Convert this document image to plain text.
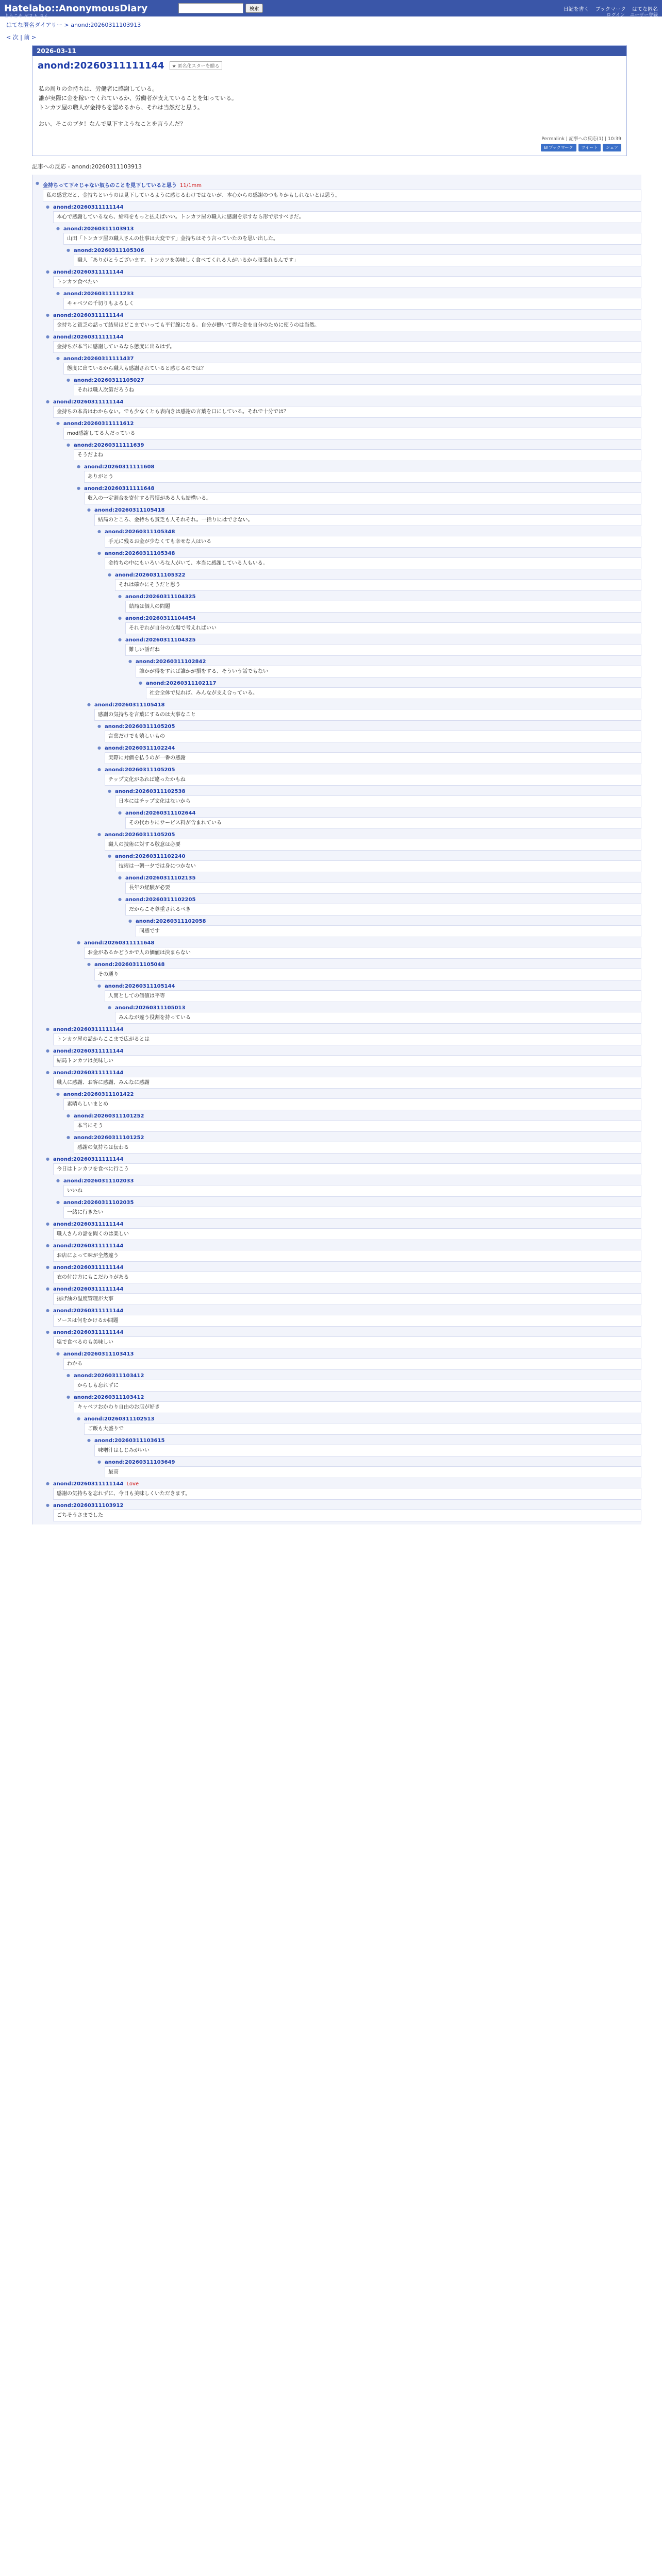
Hatelabo::AnonymousDiary
ようこそ ゲスト さん
検索	日記を書く ブックマーク はてな匿名
ログイン ユーザー登録
はてな匿名ダイアリー > anond:20260311103913
< 次 | 前 >
2026-03-11
anond:20260311111144	★ 匿名化スターを贈る
私の周りの金持ちは、労働者に感謝している。
誰が実際に金を稼いでくれているか、労働者が支えていることを知っている。
トンカツ屋の職人が金持ちを認めるから、それは当然だと思う。
おい、そこのブタ！なんで見下すようなことを言うんだ？
Permalink | 記事への反応(1) | 10:39
B!ブックマーク	ツイート	シェア
記事への反応 - anond:20260311103913
● 金持ちって下々じゃない奴らのことを見下していると思う 11/1mm
私の感覚だと、金持ちというのは見下しているように感じるわけではないが、本心からの感謝のつもりかもしれないとは思う。
● anond:20260311111144
本心で感謝しているなら、給料をもっと払えばいい。トンカツ屋の職人に感謝を示すなら形で示すべきだ。
● anond:20260311103913
山田「トンカツ屋の職人さんの仕事は大変です」金持ちはそう言っていたのを思い出した。
● anond:20260311105306
職人「ありがとうございます。トンカツを美味しく食べてくれる人がいるから頑張れるんです」
● anond:20260311111144
トンカツ食べたい
● anond:20260311111233
キャベツの千切りもよろしく
● anond:20260311111144
金持ちと貧乏の話って結局はどこまでいっても平行線になる。自分が働いて得た金を自分のために使うのは当然。
● anond:20260311111144
金持ちが本当に感謝しているなら態度に出るはず。
● anond:20260311111437
態度に出ているから職人も感謝されていると感じるのでは？
● anond:20260311105027
それは職人次第だろうね
● anond:20260311111144
金持ちの本音はわからない。でも少なくとも表向きは感謝の言葉を口にしている。それで十分では？
● anond:20260311111612
mod感謝してる人だっている
● anond:20260311111639
そうだよね
● anond:20260311111608
ありがとう
● anond:20260311111648
収入の一定割合を寄付する習慣がある人も結構いる。
● anond:20260311105418
結局のところ、金持ちも貧乏も人それぞれ。一括りにはできない。
● anond:20260311105348
手元に残るお金が少なくても幸せな人はいる
● anond:20260311105348
金持ちの中にもいろいろな人がいて、本当に感謝している人もいる。
● anond:20260311105322
それは確かにそうだと思う
● anond:20260311104325
結局は個人の問題
● anond:20260311104454
それぞれが自分の立場で考えればいい
● anond:20260311104325
難しい話だね
● anond:20260311102842
誰かが得をすれば誰かが損をする、そういう話でもない
● anond:20260311102117
社会全体で見れば、みんなが支え合っている。
● anond:20260311105418
感謝の気持ちを言葉にするのは大事なこと
● anond:20260311105205
言葉だけでも嬉しいもの
● anond:20260311102244
実際に対価を払うのが一番の感謝
● anond:20260311105205
チップ文化があれば違ったかもね
● anond:20260311102538
日本にはチップ文化はないから
● anond:20260311102644
その代わりにサービス料が含まれている
● anond:20260311105205
職人の技術に対する敬意は必要
● anond:20260311102240
技術は一朝一夕では身につかない
● anond:20260311102135
長年の経験が必要
● anond:20260311102205
だからこそ尊重されるべき
● anond:20260311102058
同感です
● anond:20260311111648
お金があるかどうかで人の価値は決まらない
● anond:20260311105048
その通り
● anond:20260311105144
人間としての価値は平等
● anond:20260311105013
みんなが違う役割を持っている
● anond:20260311111144
トンカツ屋の話からここまで広がるとは
● anond:20260311111144
結局トンカツは美味しい
● anond:20260311111144
職人に感謝、お客に感謝、みんなに感謝
● anond:20260311101422
素晴らしいまとめ
● anond:20260311101252
本当にそう
● anond:20260311101252
感謝の気持ちは伝わる
● anond:20260311111144
今日はトンカツを食べに行こう
● anond:20260311102033
いいね
● anond:20260311102035
一緒に行きたい
● anond:20260311111144
職人さんの話を聞くのは楽しい
● anond:20260311111144
お店によって味が全然違う
● anond:20260311111144
衣の付け方にもこだわりがある
● anond:20260311111144
揚げ油の温度管理が大事
● anond:20260311111144
ソースは何をかけるか問題
● anond:20260311111144
塩で食べるのも美味しい
● anond:20260311103413
わかる
● anond:20260311103412
からしも忘れずに
● anond:20260311103412
キャベツおかわり自由のお店が好き
● anond:20260311102513
ご飯も大盛りで
● anond:20260311103615
味噌汁はしじみがいい
● anond:20260311103649
最高
● anond:20260311111144 Love
感謝の気持ちを忘れずに、今日も美味しくいただきます。
● anond:20260311103912
ごちそうさまでした
